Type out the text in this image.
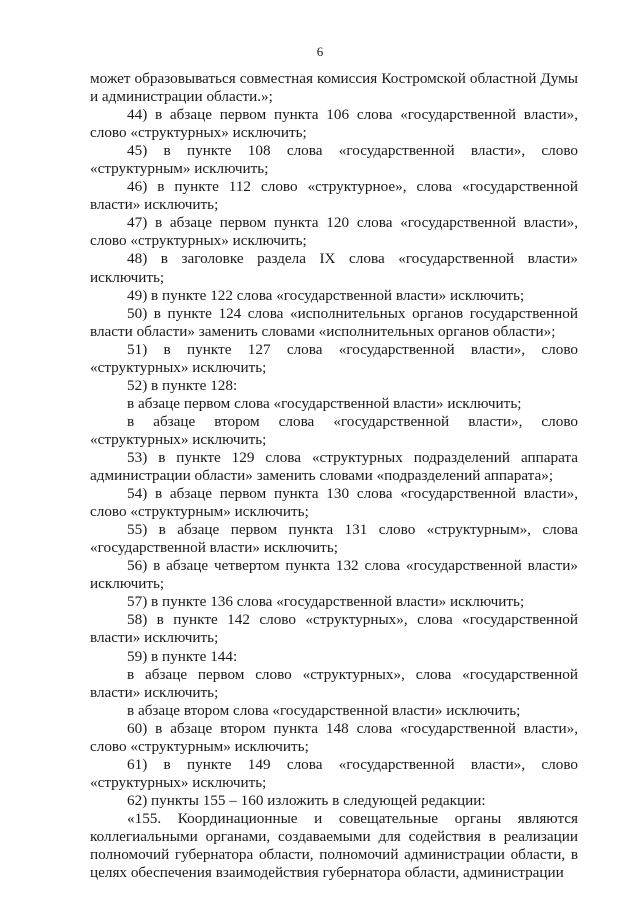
6

может образовываться совместная комиссия Костромской областной Думы и администрации области.»;

44) в абзаце первом пункта 106 слова «государственной власти», слово «структурных» исключить;

45) в пункте 108 слова «государственной власти», слово «структурным» исключить;

46) в пункте 112 слово «структурное», слова «государственной власти» исключить;

47) в абзаце первом пункта 120 слова «государственной власти», слово «структурных» исключить;

48) в заголовке раздела IX слова «государственной власти» исключить;

49) в пункте 122 слова «государственной власти» исключить;

50) в пункте 124 слова «исполнительных органов государственной власти области» заменить словами «исполнительных органов области»;

51) в пункте 127 слова «государственной власти», слово «структурных» исключить;

52) в пункте 128:

в абзаце первом слова «государственной власти» исключить;

в абзаце втором слова «государственной власти», слово «структурных» исключить;

53) в пункте 129 слова «структурных подразделений аппарата администрации области» заменить словами «подразделений аппарата»;

54) в абзаце первом пункта 130 слова «государственной власти», слово «структурным» исключить;

55) в абзаце первом пункта 131 слово «структурным», слова «государственной власти» исключить;

56) в абзаце четвертом пункта 132 слова «государственной власти» исключить;

57) в пункте 136 слова «государственной власти» исключить;

58) в пункте 142 слово «структурных», слова «государственной власти» исключить;

59) в пункте 144:

в абзаце первом слово «структурных», слова «государственной власти» исключить;

в абзаце втором слова «государственной власти» исключить;

60) в абзаце втором пункта 148 слова «государственной власти», слово «структурным» исключить;

61) в пункте 149 слова «государственной власти», слово «структурных» исключить;

62) пункты 155 – 160 изложить в следующей редакции:

«155. Координационные и совещательные органы являются коллегиальными органами, создаваемыми для содействия в реализации полномочий губернатора области, полномочий администрации области, в целях обеспечения взаимодействия губернатора области, администрации
